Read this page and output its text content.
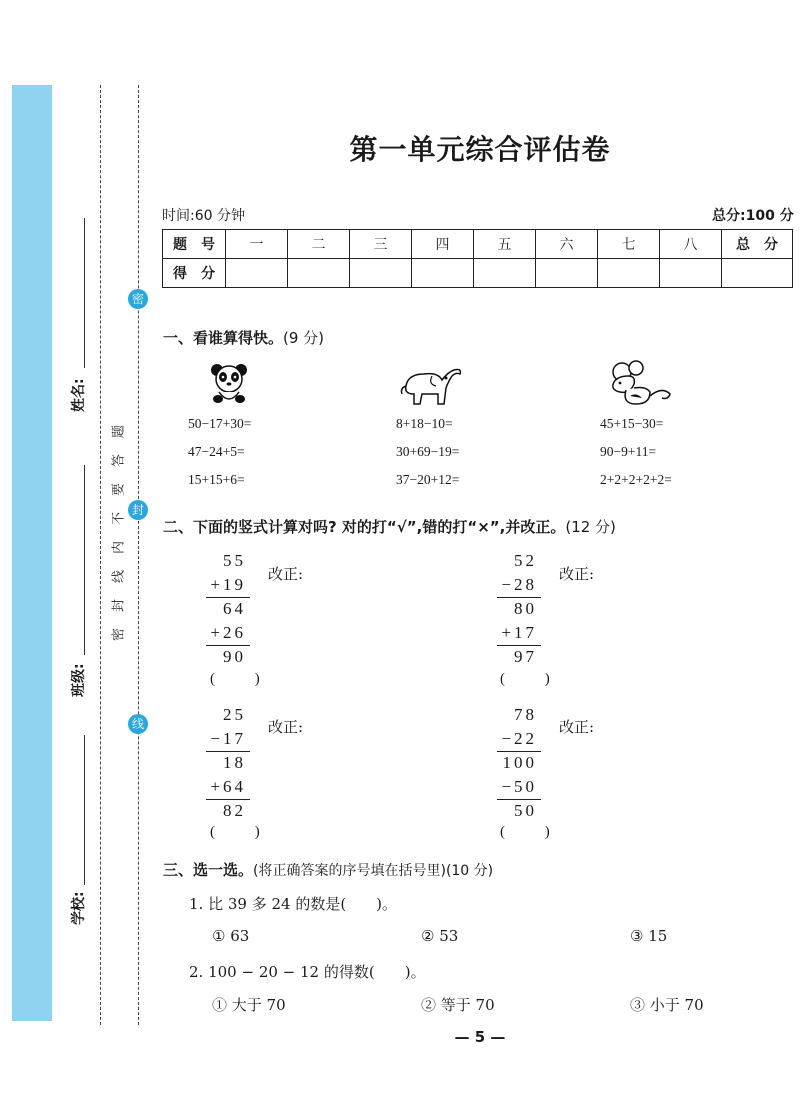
姓名:
班级:
学校:
密
封
线
密
封
线
内
不
要
答
题
第一单元综合评估卷
时间:60 分钟	总分:100 分
题　号	一	二	三	四	五	六	七	八	总　分
得　分									
一、看谁算得快。(9 分)
50−17+30=
47−24+5=
15+15+6=
8+18−10=
30+69−19=
37−20+12=
45+15−30=
90−9+11=
2+2+2+2+2=
二、下面的竖式计算对吗? 对的打“√”,错的打“×”,并改正。(12 分)
55
+19
64
+26
90
改正:
( )
52
−28
80
+17
97
改正:
( )
25
−17
18
+64
82
改正:
( )
78
−22
100
−50
50
改正:
( )
三、选一选。(将正确答案的序号填在括号里)(10 分)
1. 比 39 多 24 的数是(　　)。
① 63	② 53	③ 15
2. 100 − 20 − 12 的得数(　　)。
① 大于 70	② 等于 70	③ 小于 70
— 5 —
